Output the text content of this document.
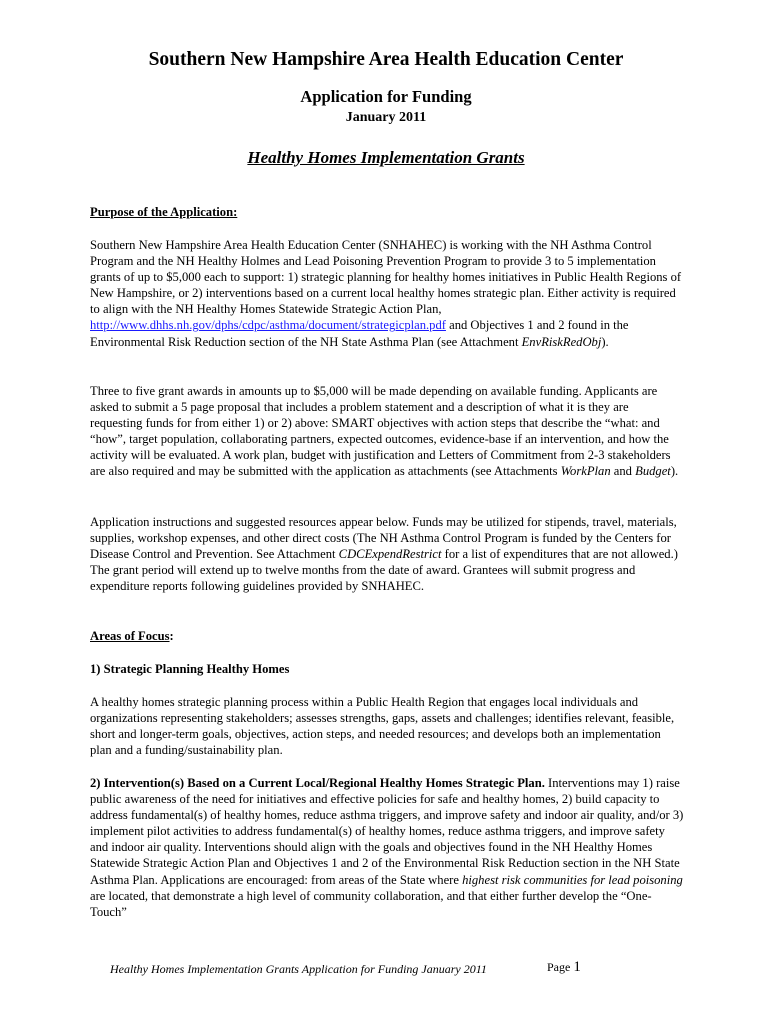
Southern New Hampshire Area Health Education Center
Application for Funding
January 2011
Healthy Homes Implementation Grants
Purpose of the Application:

Southern New Hampshire Area Health Education Center (SNHAHEC) is working with the NH Asthma Control Program and the NH Healthy Holmes and Lead Poisoning Prevention Program to provide 3 to 5 implementation grants of up to $5,000 each to support: 1) strategic planning for healthy homes initiatives in Public Health Regions of New Hampshire, or 2) interventions based on a current local healthy homes strategic plan. Either activity is required to align with the NH Healthy Homes Statewide Strategic Action Plan, http://www.dhhs.nh.gov/dphs/cdpc/asthma/document/strategicplan.pdf and Objectives 1 and 2 found in the Environmental Risk Reduction section of the NH State Asthma Plan (see Attachment EnvRiskRedObj).

Three to five grant awards in amounts up to $5,000 will be made depending on available funding. Applicants are asked to submit a 5 page proposal that includes a problem statement and a description of what it is they are requesting funds for from either 1) or 2) above: SMART objectives with action steps that describe the “what: and “how”, target population, collaborating partners, expected outcomes, evidence-base if an intervention, and how the activity will be evaluated. A work plan, budget with justification and Letters of Commitment from 2-3 stakeholders are also required and may be submitted with the application as attachments (see Attachments WorkPlan and Budget).

Application instructions and suggested resources appear below. Funds may be utilized for stipends, travel, materials, supplies, workshop expenses, and other direct costs (The NH Asthma Control Program is funded by the Centers for Disease Control and Prevention. See Attachment CDCExpendRestrict for a list of expenditures that are not allowed.) The grant period will extend up to twelve months from the date of award. Grantees will submit progress and expenditure reports following guidelines provided by SNHAHEC.

Areas of Focus:
1) Strategic Planning Healthy Homes

A healthy homes strategic planning process within a Public Health Region that engages local individuals and organizations representing stakeholders; assesses strengths, gaps, assets and challenges; identifies relevant, feasible, short and longer-term goals, objectives, action steps, and needed resources; and develops both an implementation plan and a funding/sustainability plan.

2) Intervention(s) Based on a Current Local/Regional Healthy Homes Strategic Plan. Interventions may 1) raise public awareness of the need for initiatives and effective policies for safe and healthy homes, 2) build capacity to address fundamental(s) of healthy homes, reduce asthma triggers, and improve safety and indoor air quality, and/or 3) implement pilot activities to address fundamental(s) of healthy homes, reduce asthma triggers, and improve safety and indoor air quality. Interventions should align with the goals and objectives found in the NH Healthy Homes Statewide Strategic Action Plan and Objectives 1 and 2 of the Environmental Risk Reduction section in the NH State Asthma Plan. Applications are encouraged: from areas of the State where highest risk communities for lead poisoning are located, that demonstrate a high level of community collaboration, and that either further develop the “One-Touch”

Healthy Homes Implementation Grants Application for Funding January 2011	Page 1
